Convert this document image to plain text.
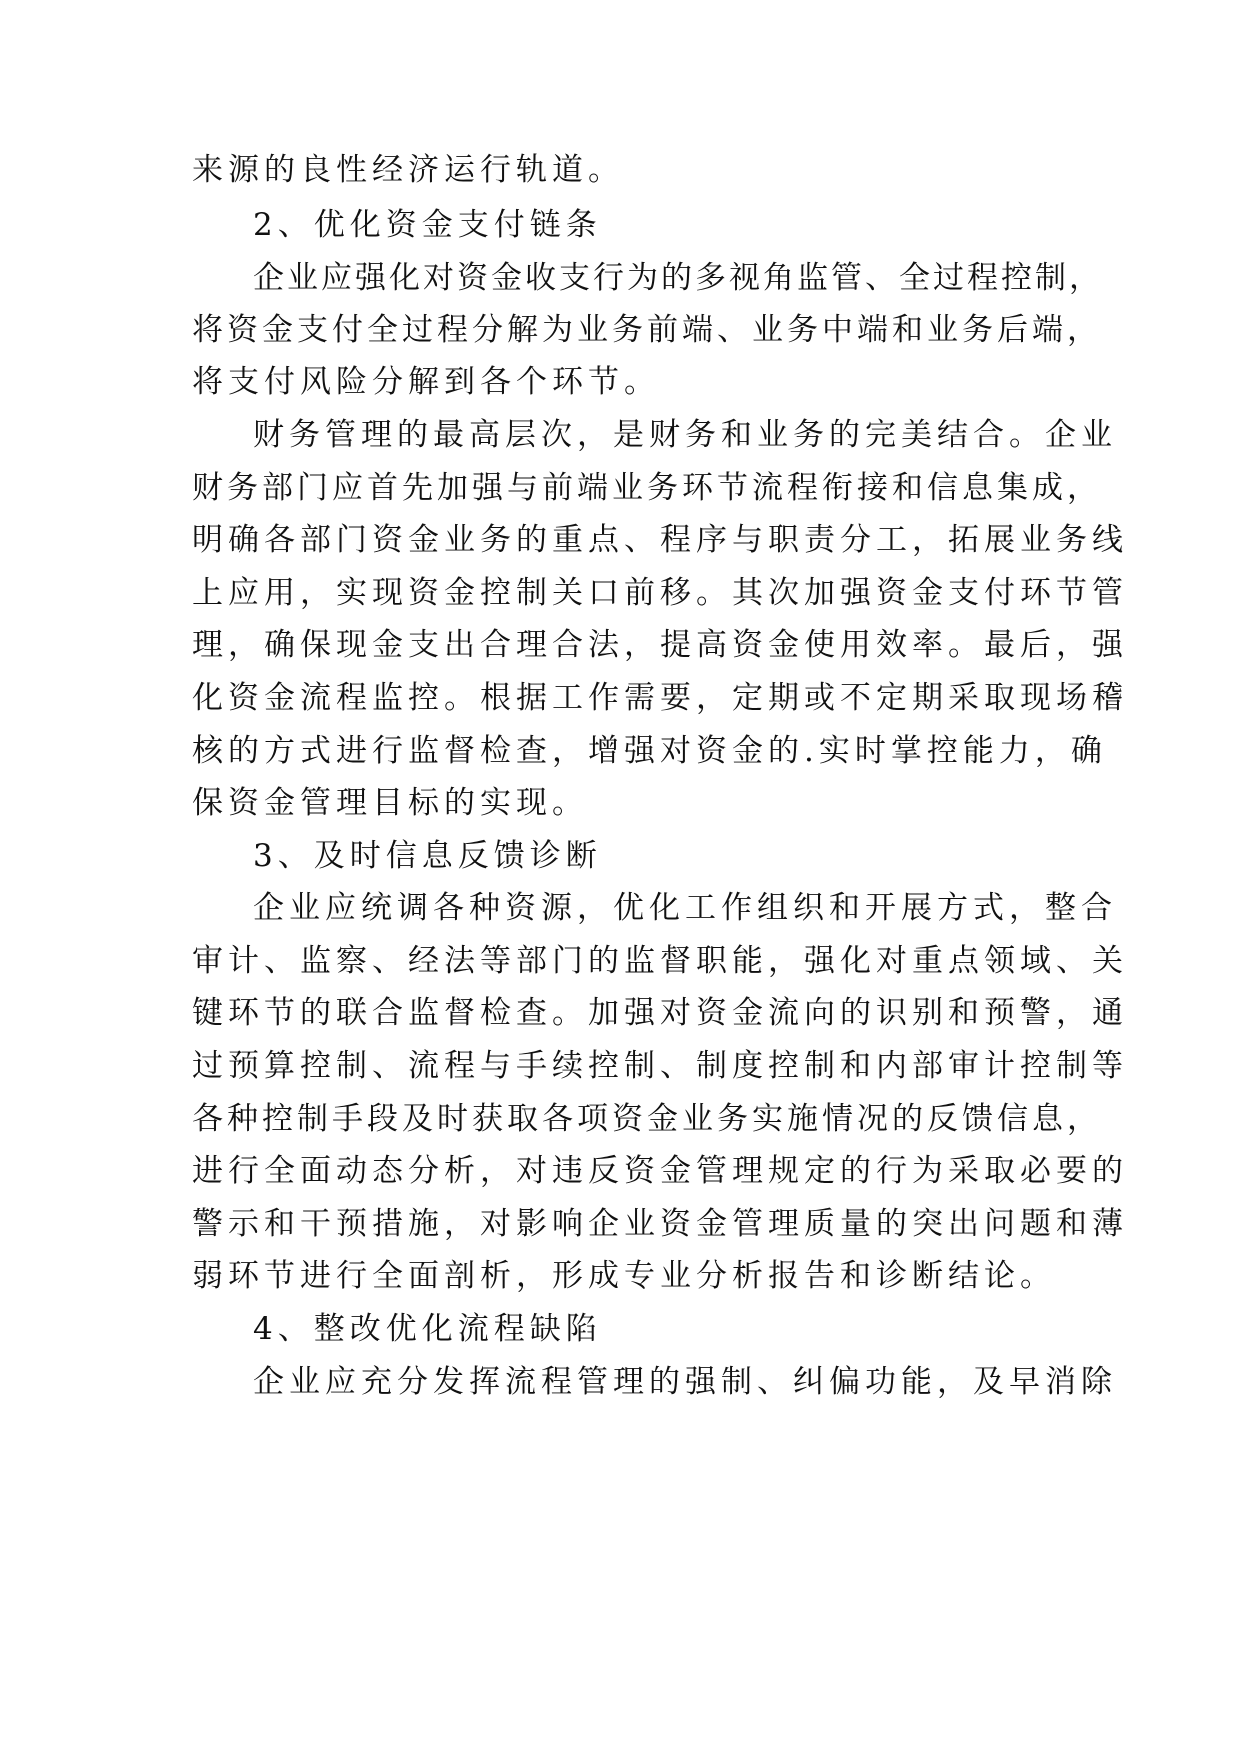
来源的良性经济运行轨道。
2、优化资金支付链条
企业应强化对资金收支行为的多视角监管、全过程控制，
将资金支付全过程分解为业务前端、业务中端和业务后端，
将支付风险分解到各个环节。
财务管理的最高层次，是财务和业务的完美结合。企业
财务部门应首先加强与前端业务环节流程衔接和信息集成，
明确各部门资金业务的重点、程序与职责分工，拓展业务线
上应用，实现资金控制关口前移。其次加强资金支付环节管
理，确保现金支出合理合法，提高资金使用效率。最后，强
化资金流程监控。根据工作需要，定期或不定期采取现场稽
核的方式进行监督检查，增强对资金的.实时掌控能力，确
保资金管理目标的实现。
3、及时信息反馈诊断
企业应统调各种资源，优化工作组织和开展方式，整合
审计、监察、经法等部门的监督职能，强化对重点领域、关
键环节的联合监督检查。加强对资金流向的识别和预警，通
过预算控制、流程与手续控制、制度控制和内部审计控制等
各种控制手段及时获取各项资金业务实施情况的反馈信息，
进行全面动态分析，对违反资金管理规定的行为采取必要的
警示和干预措施，对影响企业资金管理质量的突出问题和薄
弱环节进行全面剖析，形成专业分析报告和诊断结论。
4、整改优化流程缺陷
企业应充分发挥流程管理的强制、纠偏功能，及早消除
